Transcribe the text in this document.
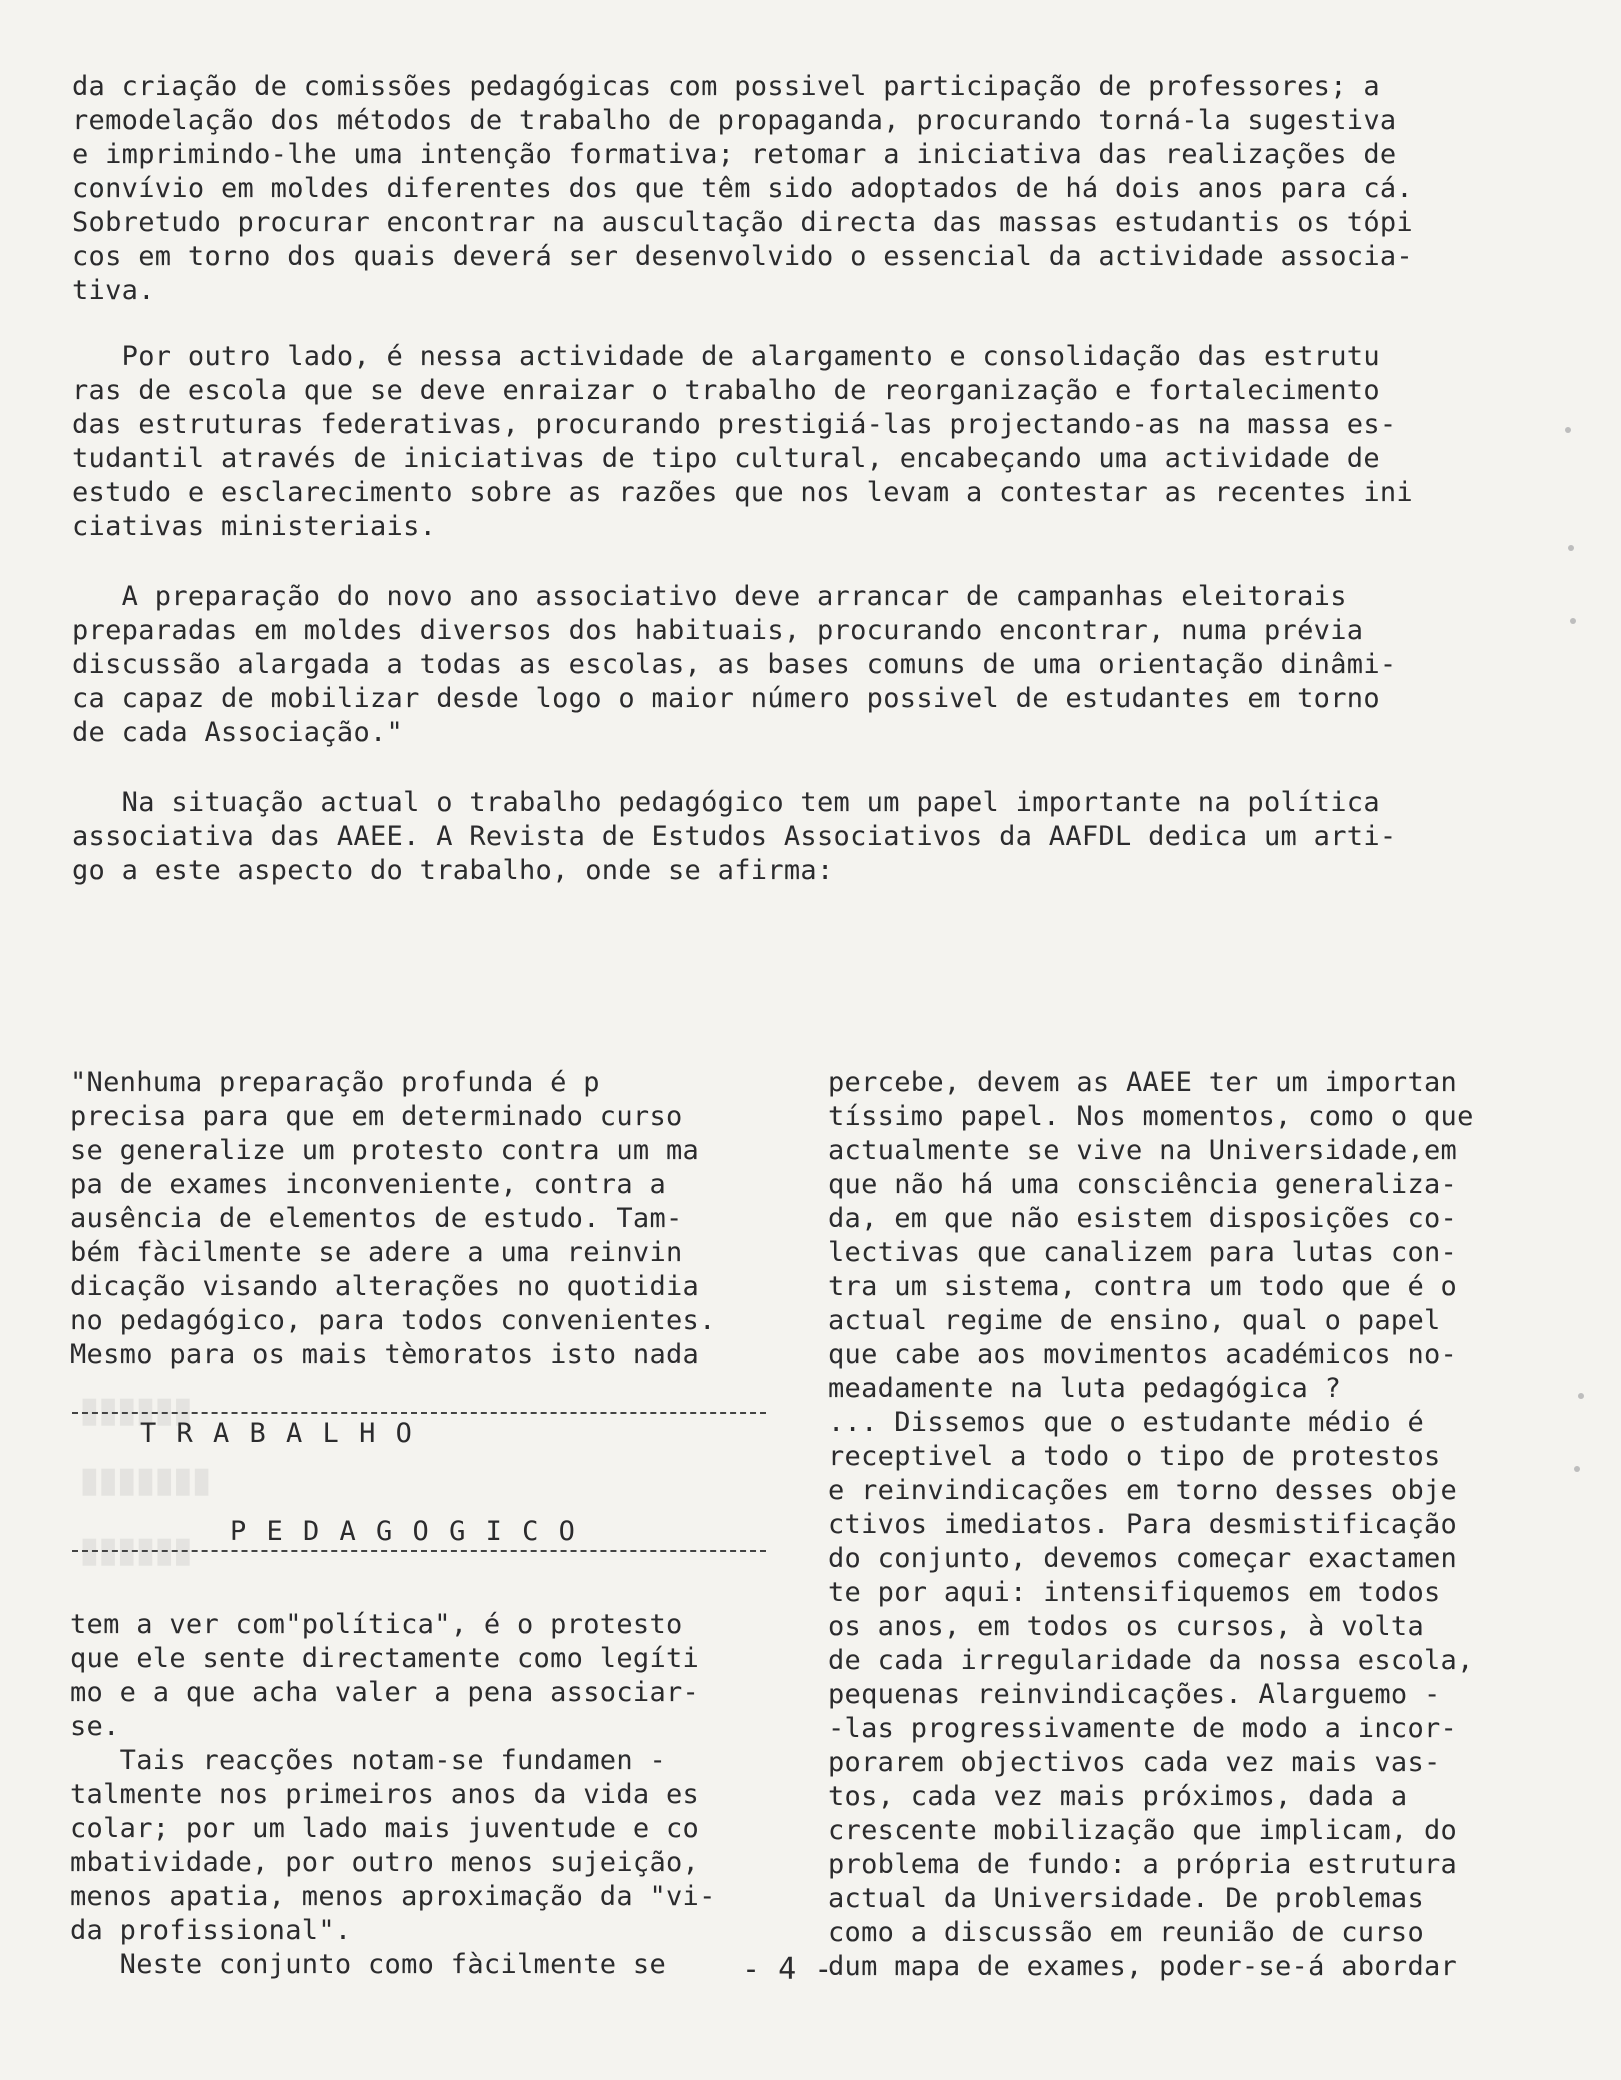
▮▮▮▮▮▮
▮▮▮▮▮▮▮
▮▮▮▮▮▮
da criação de comissões pedagógicas com possivel participação de professores; a
remodelação dos métodos de trabalho de propaganda, procurando torná-la sugestiva
e imprimindo-lhe uma intenção formativa; retomar a iniciativa das realizações de
convívio em moldes diferentes dos que têm sido adoptados de há dois anos para cá.
Sobretudo procurar encontrar na auscultação directa das massas estudantis os tópi
cos em torno dos quais deverá ser desenvolvido o essencial da actividade associa-
tiva.
Por outro lado, é nessa actividade de alargamento e consolidação das estrutu
ras de escola que se deve enraizar o trabalho de reorganização e fortalecimento
das estruturas federativas, procurando prestigiá-las projectando-as na massa es-
tudantil através de iniciativas de tipo cultural, encabeçando uma actividade de
estudo e esclarecimento sobre as razões que nos levam a contestar as recentes ini
ciativas ministeriais.
A preparação do novo ano associativo deve arrancar de campanhas eleitorais
preparadas em moldes diversos dos habituais, procurando encontrar, numa prévia
discussão alargada a todas as escolas, as bases comuns de uma orientação dinâmi-
ca capaz de mobilizar desde logo o maior número possivel de estudantes em torno
de cada Associação."
Na situação actual o trabalho pedagógico tem um papel importante na política
associativa das AAEE. A Revista de Estudos Associativos da AAFDL dedica um arti-
go a este aspecto do trabalho, onde se afirma:
"Nenhuma preparação profunda é p
precisa para que em determinado curso
se generalize um protesto contra um ma
pa de exames inconveniente, contra a
ausência de elementos de estudo. Tam-
bém fàcilmente se adere a uma reinvin
dicação visando alterações no quotidia
no pedagógico, para todos convenientes.
Mesmo para os mais tèmoratos isto nada
T R A B A L H O
P E D A G O G I C O
tem a ver com"política", é o protesto
que ele sente directamente como legíti
mo e a que acha valer a pena associar-
se.
Tais reacções notam-se fundamen -
talmente nos primeiros anos da vida es
colar; por um lado mais juventude e co
mbatividade, por outro menos sujeição,
menos apatia, menos aproximação da "vi-
da profissional".
Neste conjunto como fàcilmente se
percebe, devem as AAEE ter um importan
tíssimo papel. Nos momentos, como o que
actualmente se vive na Universidade,em
que não há uma consciência generaliza-
da, em que não esistem disposições co-
lectivas que canalizem para lutas con-
tra um sistema, contra um todo que é o
actual regime de ensino, qual o papel
que cabe aos movimentos académicos no-
meadamente na luta pedagógica ?
... Dissemos que o estudante médio é
receptivel a todo o tipo de protestos
e reinvindicações em torno desses obje
ctivos imediatos. Para desmistificação
do conjunto, devemos começar exactamen
te por aqui: intensifiquemos em todos
os anos, em todos os cursos, à volta
de cada irregularidade da nossa escola,
pequenas reinvindicações. Alarguemo -
-las progressivamente de modo a incor-
porarem objectivos cada vez mais vas-
tos, cada vez mais próximos, dada a
crescente mobilização que implicam, do
problema de fundo: a própria estrutura
actual da Universidade. De problemas
como a discussão em reunião de curso
dum mapa de exames, poder-se-á abordar
- 4 -
